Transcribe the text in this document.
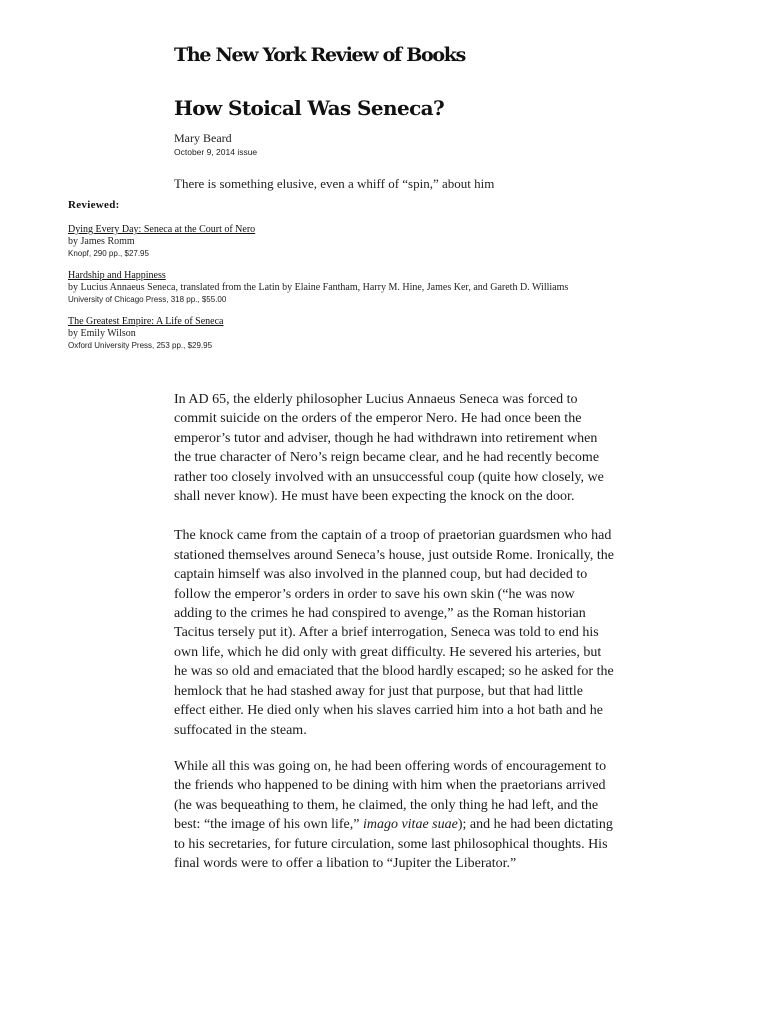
The New York Review of Books
How Stoical Was Seneca?
Mary Beard
October 9, 2014 issue
There is something elusive, even a whiff of “spin,” about him
Reviewed:
Dying Every Day: Seneca at the Court of Nero
by James Romm
Knopf, 290 pp., $27.95
Hardship and Happiness
by Lucius Annaeus Seneca, translated from the Latin by Elaine Fantham, Harry M. Hine, James Ker, and Gareth D. Williams
University of Chicago Press, 318 pp., $55.00
The Greatest Empire: A Life of Seneca
by Emily Wilson
Oxford University Press, 253 pp., $29.95

In AD 65, the elderly philosopher Lucius Annaeus Seneca was forced to commit suicide on the orders of the emperor Nero. He had once been the emperor’s tutor and adviser, though he had withdrawn into retirement when the true character of Nero’s reign became clear, and he had recently become rather too closely involved with an unsuccessful coup (quite how closely, we shall never know). He must have been expecting the knock on the door.

The knock came from the captain of a troop of praetorian guardsmen who had stationed themselves around Seneca’s house, just outside Rome. Ironically, the captain himself was also involved in the planned coup, but had decided to follow the emperor’s orders in order to save his own skin (“he was now adding to the crimes he had conspired to avenge,” as the Roman historian Tacitus tersely put it). After a brief interrogation, Seneca was told to end his own life, which he did only with great difficulty. He severed his arteries, but he was so old and emaciated that the blood hardly escaped; so he asked for the hemlock that he had stashed away for just that purpose, but that had little effect either. He died only when his slaves carried him into a hot bath and he suffocated in the steam.

While all this was going on, he had been offering words of encouragement to the friends who happened to be dining with him when the praetorians arrived (he was bequeathing to them, he claimed, the only thing he had left, and the best: “the image of his own life,” imago vitae suae); and he had been dictating to his secretaries, for future circulation, some last philosophical thoughts. His final words were to offer a libation to “Jupiter the Liberator.”
